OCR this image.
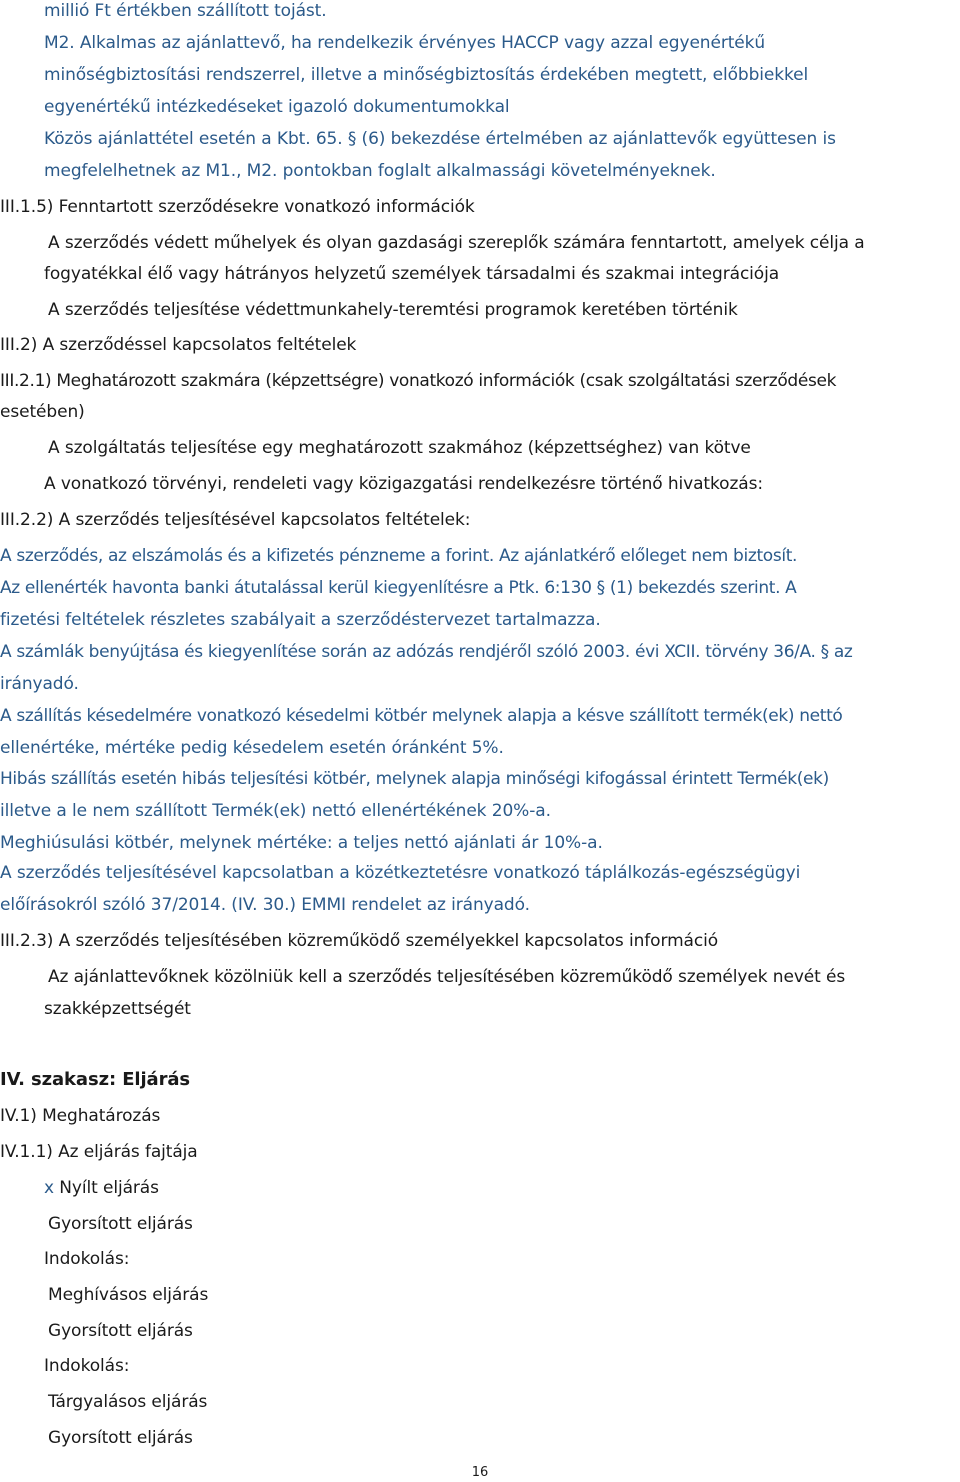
millió Ft értékben szállított tojást.
M2. Alkalmas az ajánlattevő, ha rendelkezik érvényes HACCP vagy azzal egyenértékű
minőségbiztosítási rendszerrel, illetve a minőségbiztosítás érdekében megtett, előbbiekkel
egyenértékű intézkedéseket igazoló dokumentumokkal
Közös ajánlattétel esetén a Kbt. 65. § (6) bekezdése értelmében az ajánlattevők együttesen is
megfelelhetnek az M1., M2. pontokban foglalt alkalmassági követelményeknek.
III.1.5) Fenntartott szerződésekre vonatkozó információk
A szerződés védett műhelyek és olyan gazdasági szereplők számára fenntartott, amelyek célja a
fogyatékkal élő vagy hátrányos helyzetű személyek társadalmi és szakmai integrációja
A szerződés teljesítése védettmunkahely-teremtési programok keretében történik
III.2) A szerződéssel kapcsolatos feltételek
III.2.1) Meghatározott szakmára (képzettségre) vonatkozó információk (csak szolgáltatási szerződések
esetében)
A szolgáltatás teljesítése egy meghatározott szakmához (képzettséghez) van kötve
A vonatkozó törvényi, rendeleti vagy közigazgatási rendelkezésre történő hivatkozás:
III.2.2) A szerződés teljesítésével kapcsolatos feltételek:
A szerződés, az elszámolás és a kifizetés pénzneme a forint. Az ajánlatkérő előleget nem biztosít.
Az ellenérték havonta banki átutalással kerül kiegyenlítésre a Ptk. 6:130 § (1) bekezdés szerint. A
fizetési feltételek részletes szabályait a szerződéstervezet tartalmazza.
A számlák benyújtása és kiegyenlítése során az adózás rendjéről szóló 2003. évi XCII. törvény 36/A. § az
irányadó.
A szállítás késedelmére vonatkozó késedelmi kötbér melynek alapja a késve szállított termék(ek) nettó
ellenértéke, mértéke pedig késedelem esetén óránként 5%.
Hibás szállítás esetén hibás teljesítési kötbér, melynek alapja minőségi kifogással érintett Termék(ek)
illetve a le nem szállított Termék(ek) nettó ellenértékének 20%-a.
Meghiúsulási kötbér, melynek mértéke: a teljes nettó ajánlati ár 10%-a.
A szerződés teljesítésével kapcsolatban a közétkeztetésre vonatkozó táplálkozás-egészségügyi
előírásokról szóló 37/2014. (IV. 30.) EMMI rendelet az irányadó.
III.2.3) A szerződés teljesítésében közreműködő személyekkel kapcsolatos információ
Az ajánlattevőknek közölniük kell a szerződés teljesítésében közreműködő személyek nevét és
szakképzettségét
IV. szakasz: Eljárás
IV.1) Meghatározás
IV.1.1) Az eljárás fajtája
x Nyílt eljárás
Gyorsított eljárás
Indokolás:
Meghívásos eljárás
Gyorsított eljárás
Indokolás:
Tárgyalásos eljárás
Gyorsított eljárás
16
